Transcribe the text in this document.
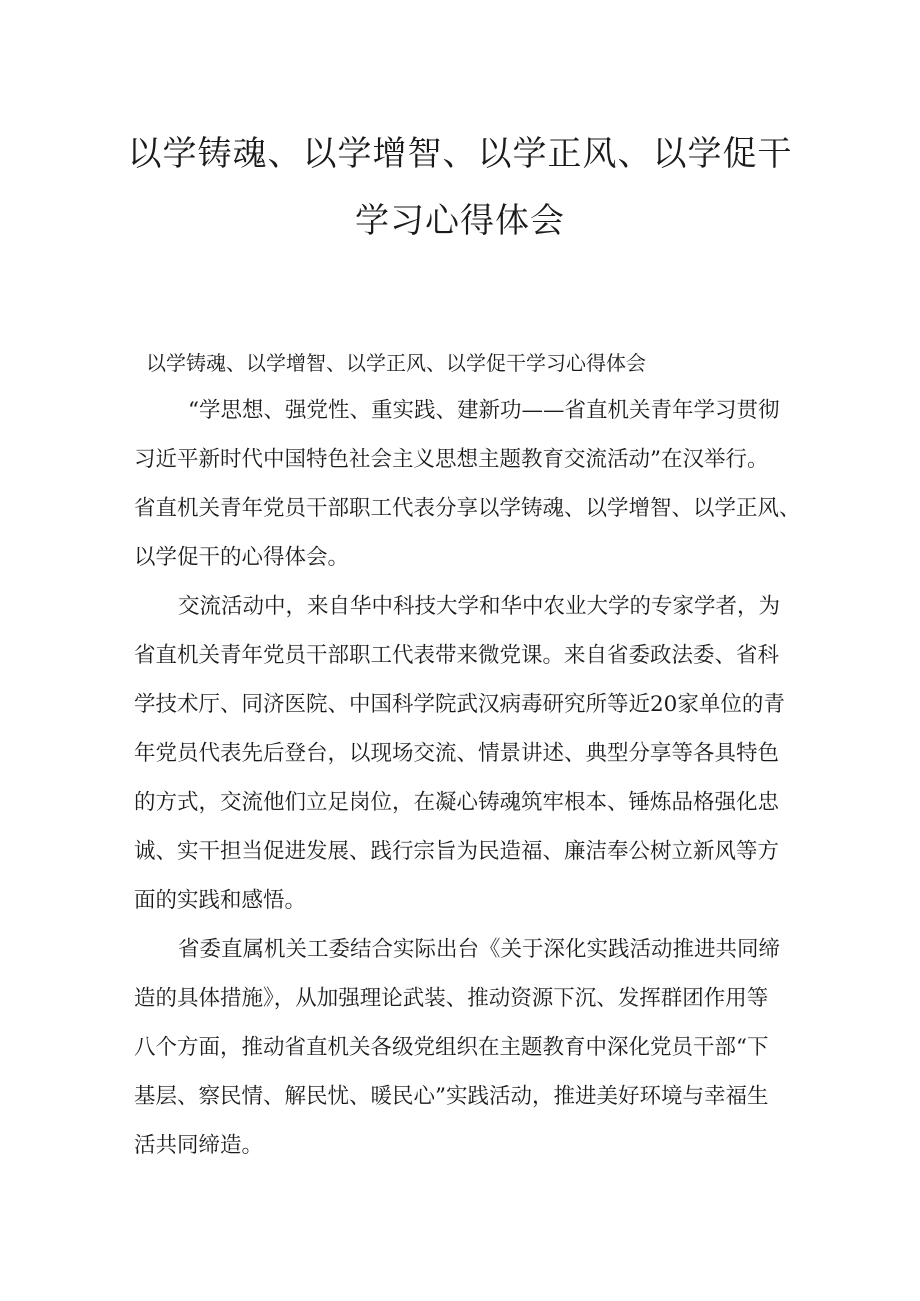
以学铸魂、以学增智、以学正风、以学促干
学习心得体会

以学铸魂、以学增智、以学正风、以学促干学习心得体会

“学思想、强党性、重实践、建新功——省直机关青年学习贯彻

习近平新时代中国特色社会主义思想主题教育交流活动”在汉举行。

省直机关青年党员干部职工代表分享以学铸魂、以学增智、以学正风、

以学促干的心得体会。

交流活动中，来自华中科技大学和华中农业大学的专家学者，为

省直机关青年党员干部职工代表带来微党课。来自省委政法委、省科

学技术厅、同济医院、中国科学院武汉病毒研究所等近20家单位的青

年党员代表先后登台，以现场交流、情景讲述、典型分享等各具特色

的方式，交流他们立足岗位，在凝心铸魂筑牢根本、锤炼品格强化忠

诚、实干担当促进发展、践行宗旨为民造福、廉洁奉公树立新风等方

面的实践和感悟。

省委直属机关工委结合实际出台《关于深化实践活动推进共同缔

造的具体措施》，从加强理论武装、推动资源下沉、发挥群团作用等

八个方面，推动省直机关各级党组织在主题教育中深化党员干部“下

基层、察民情、解民忧、暖民心”实践活动，推进美好环境与幸福生

活共同缔造。
